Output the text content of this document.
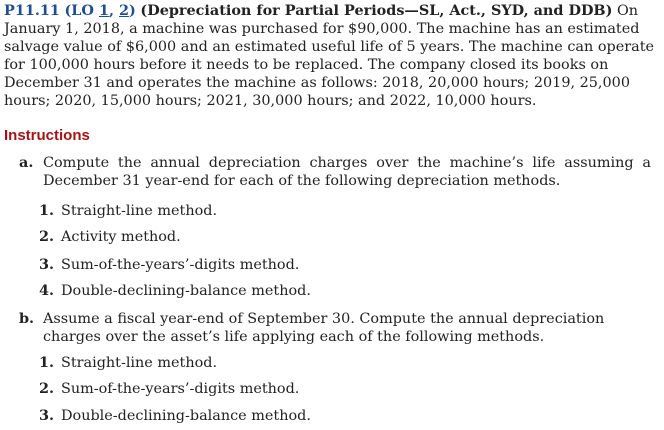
P11.11 (LO 1, 2) (Depreciation for Partial Periods—SL, Act., SYD, and DDB) On January 1, 2018, a machine was purchased for $90,000. The machine has an estimated salvage value of $6,000 and an estimated useful life of 5 years. The machine can operate for 100,000 hours before it needs to be replaced. The company closed its books on December 31 and operates the machine as follows: 2018, 20,000 hours; 2019, 25,000 hours; 2020, 15,000 hours; 2021, 30,000 hours; and 2022, 10,000 hours.
Instructions
a. Compute the annual depreciation charges over the machine’s life assuming a December 31 year-end for each of the following depreciation methods.
1. Straight-line method.
2. Activity method.
3. Sum-of-the-years’-digits method.
4. Double-declining-balance method.
b. Assume a fiscal year-end of September 30. Compute the annual depreciation charges over the asset’s life applying each of the following methods.
1. Straight-line method.
2. Sum-of-the-years’-digits method.
3. Double-declining-balance method.
